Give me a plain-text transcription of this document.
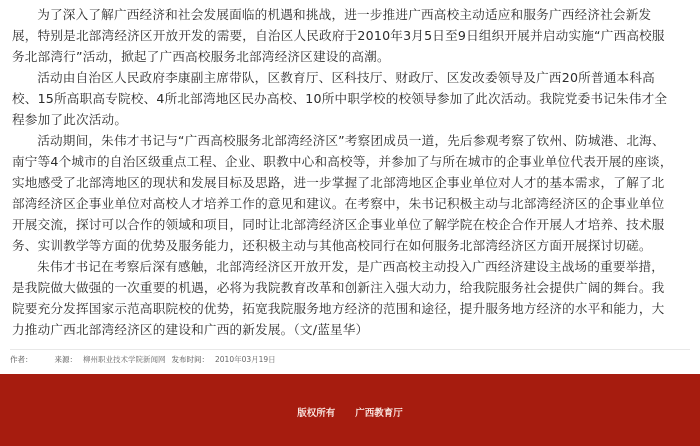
为了深入了解广西经济和社会发展面临的机遇和挑战，进一步推进广西高校主动适应和服务广西经济社会新发展，特别是北部湾经济区开放开发的需要，自治区人民政府于2010年3月5日至9日组织开展并启动实施“广西高校服务北部湾行”活动，掀起了广西高校服务北部湾经济区建设的高潮。

活动由自治区人民政府李康副主席带队，区教育厅、区科技厅、财政厅、区发改委领导及广西20所普通本科高校、15所高职高专院校、4所北部湾地区民办高校、10所中职学校的校领导参加了此次活动。我院党委书记朱伟才全程参加了此次活动。

活动期间，朱伟才书记与“广西高校服务北部湾经济区”考察团成员一道，先后参观考察了钦州、防城港、北海、南宁等4个城市的自治区级重点工程、企业、职教中心和高校等，并参加了与所在城市的企事业单位代表开展的座谈，实地感受了北部湾地区的现状和发展目标及思路，进一步掌握了北部湾地区企事业单位对人才的基本需求，了解了北部湾经济区企事业单位对高校人才培养工作的意见和建议。在考察中，朱书记积极主动与北部湾经济区的企事业单位开展交流，探讨可以合作的领域和项目，同时让北部湾经济区企事业单位了解学院在校企合作开展人才培养、技术服务、实训教学等方面的优势及服务能力，还积极主动与其他高校同行在如何服务北部湾经济区方面开展探讨切磋。

朱伟才书记在考察后深有感触，北部湾经济区开放开发，是广西高校主动投入广西经济建设主战场的重要举措，是我院做大做强的一次重要的机遇，必将为我院教育改革和创新注入强大动力，给我院服务社会提供广阔的舞台。我院要充分发挥国家示范高职院校的优势，拓宽我院服务地方经济的范围和途径，提升服务地方经济的水平和能力，大力推动广西北部湾经济区的建设和广西的新发展。（文/蓝星华）

作者：	来源： 柳州职业技术学院新闻网 发布时间： 2010年03月19日
版权所有 广西教育厅
